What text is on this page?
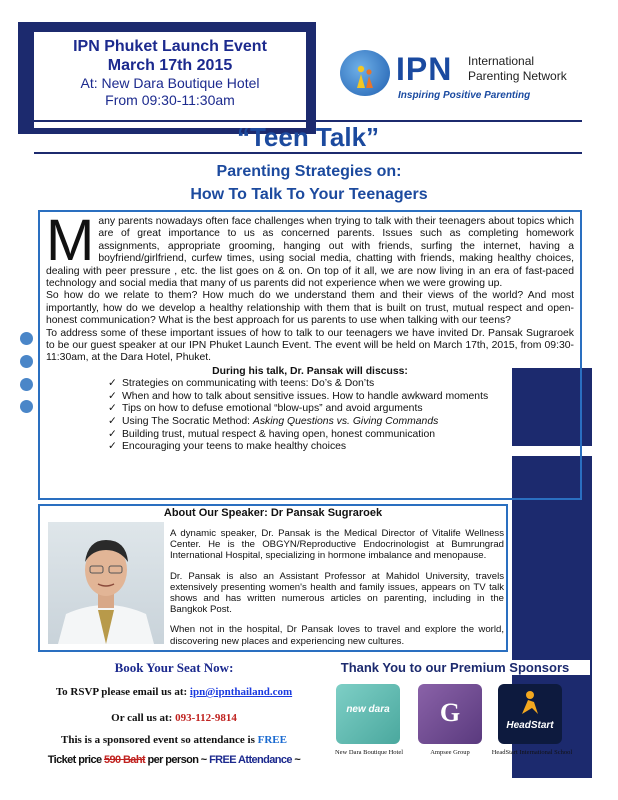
IPN Phuket Launch Event
March 17th 2015
At: New Dara Boutique Hotel
From 09:30-11:30am
IPN International
Parenting Network
Inspiring Positive Parenting
“Teen Talk”
Parenting Strategies on:
How To Talk To Your Teenagers
M any parents nowadays often face challenges when trying to talk with their teenagers about topics which are of great importance to us as concerned parents. Issues such as completing homework assignments, appropriate grooming, hanging out with friends, surfing the internet, having a boyfriend/girlfriend, curfew times, using social media, chatting with friends, making healthy choices, dealing with peer pressure , etc. the list goes on & on. On top of it all, we are now living in an era of fast-paced technology and social media that many of us parents did not experience when we were growing up.

So how do we relate to them? How much do we understand them and their views of the world? And most importantly, how do we develop a healthy relationship with them that is built on trust, mutual respect and open-honest communication? What is the best approach for us parents to use when talking with our teens?

To address some of these important issues of how to talk to our teenagers we have invited Dr. Pansak Sugraroek to be our guest speaker at our IPN Phuket Launch Event. The event will be held on March 17th, 2015, from 09:30-11:30am, at the Dara Hotel, Phuket.

During his talk, Dr. Pansak will discuss:
✓ Strategies on communicating with teens: Do’s & Don’ts
✓ When and how to talk about sensitive issues. How to handle awkward moments
✓ Tips on how to defuse emotional “blow-ups” and avoid arguments
✓ Using The Socratic Method: Asking Questions vs. Giving Commands
✓ Building trust, mutual respect & having open, honest communication
✓ Encouraging your teens to make healthy choices
About Our Speaker: Dr Pansak Sugraroek

A dynamic speaker, Dr. Pansak is the Medical Director of Vitalife Wellness Center. He is the OBGYN/Reproductive Endocrinologist at Bumrungrad International Hospital, specializing in hormone imbalance and menopause.

Dr. Pansak is also an Assistant Professor at Mahidol University, travels extensively presenting women's health and family issues, appears on TV talk shows and has written numerous articles on parenting, including in the Bangkok Post.

When not in the hospital, Dr Pansak loves to travel and explore the world, discovering new places and experiencing new cultures.

Book Your Seat Now:
To RSVP please email us at: ipn@ipnthailand.com
Or call us at: 093-112-9814
This is a sponsored event so attendance is FREE
Ticket price 590 Baht per person ~ FREE Attendance ~
Thank You to our Premium Sponsors
new dara	G	HeadStart
New Dara Boutique Hotel	Ampsee Group	HeadStart International School
